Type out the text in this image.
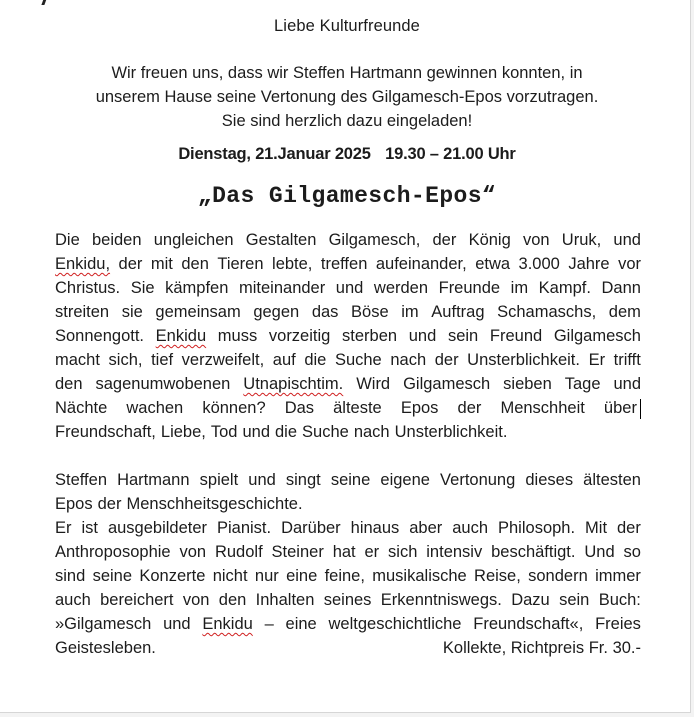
Liebe Kulturfreunde
Wir freuen uns, dass wir Steffen Hartmann gewinnen konnten, in
unserem Hause seine Vertonung des Gilgamesch-Epos vorzutragen.
Sie sind herzlich dazu eingeladen!
Dienstag, 21.Januar 2025 19.30 – 21.00 Uhr
„Das Gilgamesch-Epos“
Die beiden ungleichen Gestalten Gilgamesch, der König von Uruk, und
Enkidu, der mit den Tieren lebte, treffen aufeinander, etwa 3.000 Jahre vor
Christus. Sie kämpfen miteinander und werden Freunde im Kampf. Dann
streiten sie gemeinsam gegen das Böse im Auftrag Schamaschs, dem
Sonnengott. Enkidu muss vorzeitig sterben und sein Freund Gilgamesch
macht sich, tief verzweifelt, auf die Suche nach der Unsterblichkeit. Er trifft
den sagenumwobenen Utnapischtim. Wird Gilgamesch sieben Tage und
Nächte wachen können? Das älteste Epos der Menschheit über
Freundschaft, Liebe, Tod und die Suche nach Unsterblichkeit.
Steffen Hartmann spielt und singt seine eigene Vertonung dieses ältesten
Epos der Menschheitsgeschichte.
Er ist ausgebildeter Pianist. Darüber hinaus aber auch Philosoph. Mit der
Anthroposophie von Rudolf Steiner hat er sich intensiv beschäftigt. Und so
sind seine Konzerte nicht nur eine feine, musikalische Reise, sondern immer
auch bereichert von den Inhalten seines Erkenntniswegs. Dazu sein Buch:
»Gilgamesch und Enkidu – eine weltgeschichtliche Freundschaft«, Freies
Geistesleben.	Kollekte, Richtpreis Fr. 30.-
